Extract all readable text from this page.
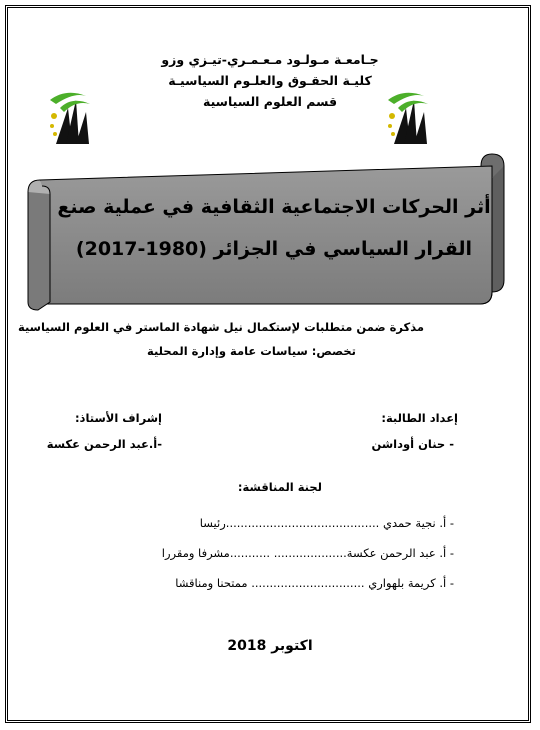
جـامعـة مـولـود مـعـمـري-تيـزي وزو
كليـة الحقـوق والعلـوم السياسيـة
قسم العلوم السياسية
أثر الحركات الاجتماعية الثقافية في عملية صنع
القرار السياسي في الجزائر (1980-2017)
مذكرة ضمن متطلبات لإستكمال نيل شهادة الماستر في العلوم السياسية
تخصص: سياسات عامة وإدارة المحلية
إعداد الطالبة:
- حنان أوداشن
إشراف الأستاذ:
-أ.عبد الرحمن عكسة
لجنة المناقشة:
- أ. نجية حمدي ..........................................رئيسا
- أ. عبد الرحمن عكسة.................... ...........مشرفا ومقررا
- أ. كريمة بلهواري ............................... ممتحنا ومناقشا
اكتوبر 2018
